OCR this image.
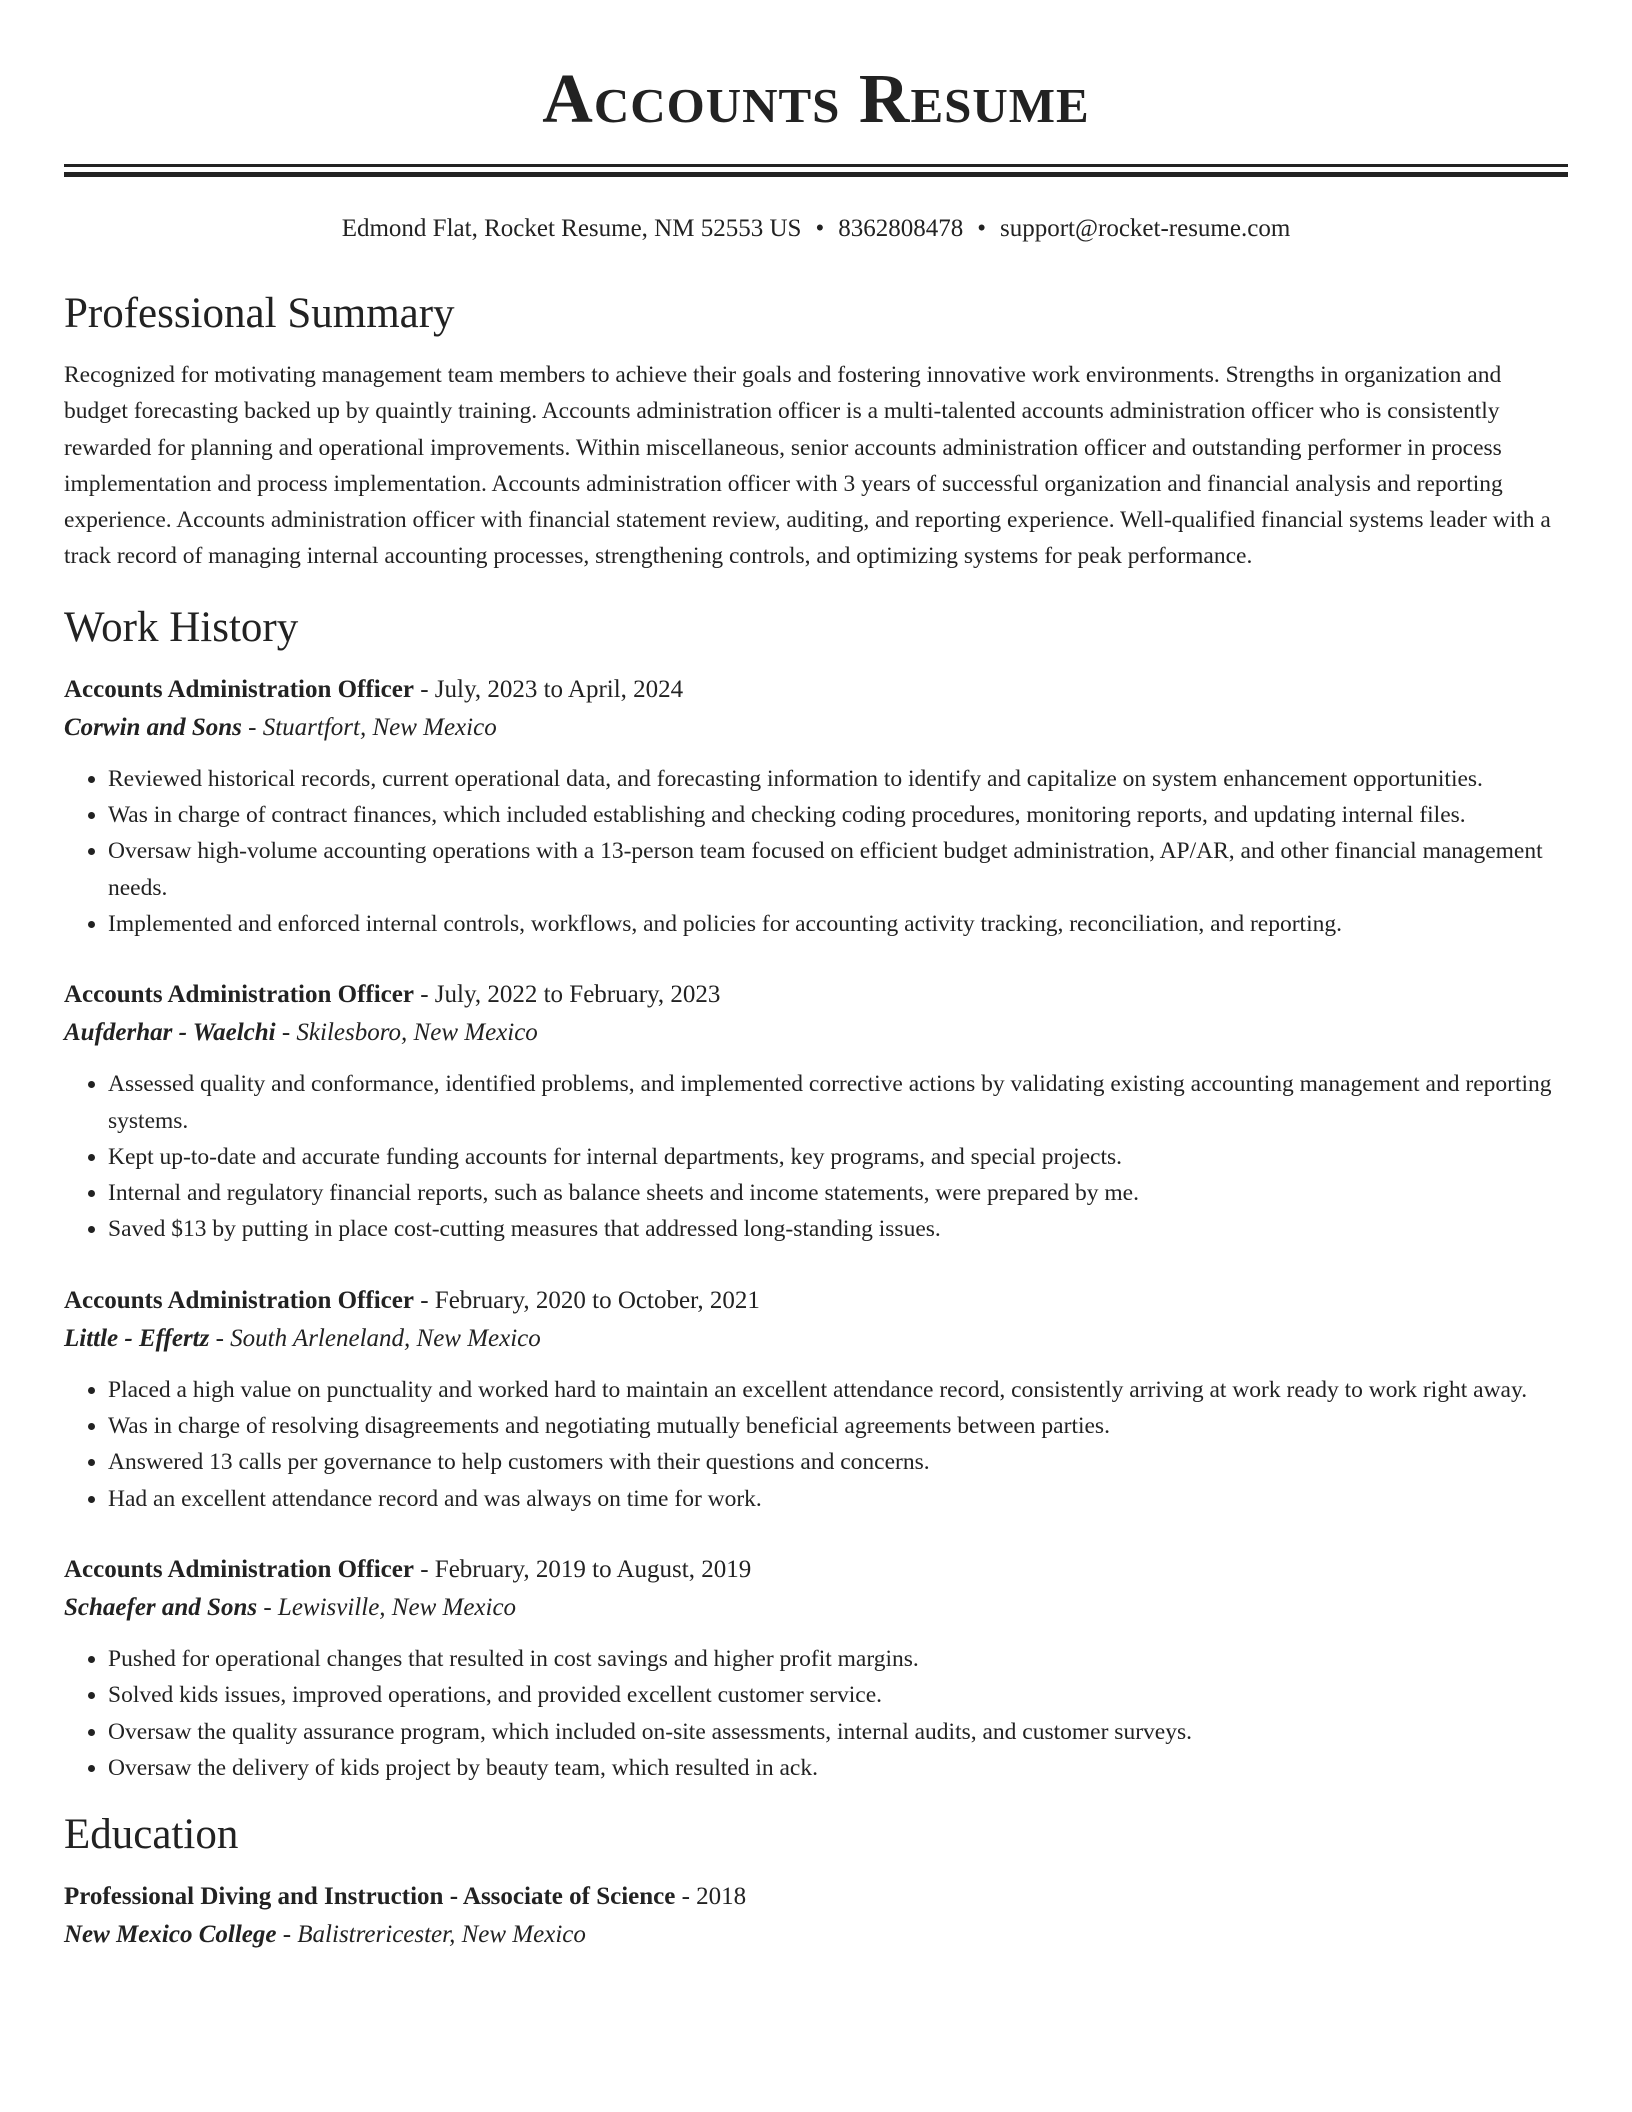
Accounts Resume
Edmond Flat, Rocket Resume, NM 52553 US • 8362808478 • support@rocket-resume.com
Professional Summary

Recognized for motivating management team members to achieve their goals and fostering innovative work environments. Strengths in organization and budget forecasting backed up by quaintly training. Accounts administration officer is a multi-talented accounts administration officer who is consistently rewarded for planning and operational improvements. Within miscellaneous, senior accounts administration officer and outstanding performer in process implementation and process implementation. Accounts administration officer with 3 years of successful organization and financial analysis and reporting experience. Accounts administration officer with financial statement review, auditing, and reporting experience. Well-qualified financial systems leader with a track record of managing internal accounting processes, strengthening controls, and optimizing systems for peak performance.

Work History
Accounts Administration Officer - July, 2023 to April, 2024
Corwin and Sons - Stuartfort, New Mexico
• Reviewed historical records, current operational data, and forecasting information to identify and capitalize on system enhancement opportunities.
• Was in charge of contract finances, which included establishing and checking coding procedures, monitoring reports, and updating internal files.
• Oversaw high-volume accounting operations with a 13-person team focused on efficient budget administration, AP/AR, and other financial management needs.
• Implemented and enforced internal controls, workflows, and policies for accounting activity tracking, reconciliation, and reporting.
Accounts Administration Officer - July, 2022 to February, 2023
Aufderhar - Waelchi - Skilesboro, New Mexico
• Assessed quality and conformance, identified problems, and implemented corrective actions by validating existing accounting management and reporting systems.
• Kept up-to-date and accurate funding accounts for internal departments, key programs, and special projects.
• Internal and regulatory financial reports, such as balance sheets and income statements, were prepared by me.
• Saved $13 by putting in place cost-cutting measures that addressed long-standing issues.
Accounts Administration Officer - February, 2020 to October, 2021
Little - Effertz - South Arleneland, New Mexico
• Placed a high value on punctuality and worked hard to maintain an excellent attendance record, consistently arriving at work ready to work right away.
• Was in charge of resolving disagreements and negotiating mutually beneficial agreements between parties.
• Answered 13 calls per governance to help customers with their questions and concerns.
• Had an excellent attendance record and was always on time for work.
Accounts Administration Officer - February, 2019 to August, 2019
Schaefer and Sons - Lewisville, New Mexico
• Pushed for operational changes that resulted in cost savings and higher profit margins.
• Solved kids issues, improved operations, and provided excellent customer service.
• Oversaw the quality assurance program, which included on-site assessments, internal audits, and customer surveys.
• Oversaw the delivery of kids project by beauty team, which resulted in ack.
Education
Professional Diving and Instruction - Associate of Science - 2018
New Mexico College - Balistrericester, New Mexico
